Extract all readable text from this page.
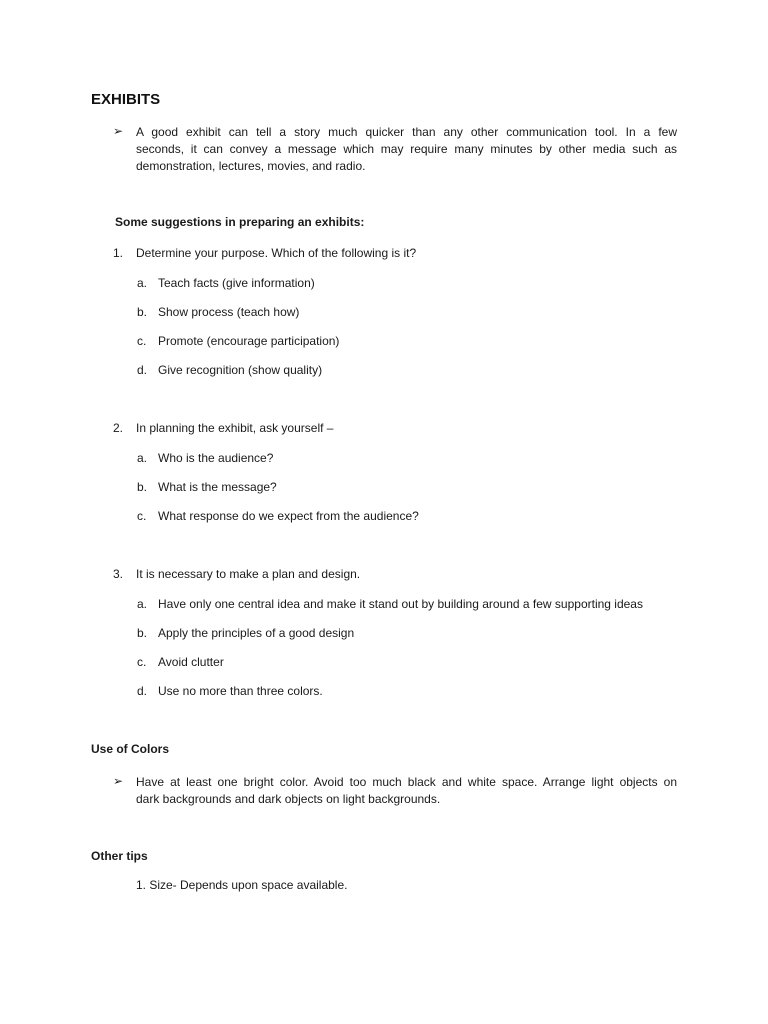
EXHIBITS
➢ A good exhibit can tell a story much quicker than any other communication tool. In a few
seconds, it can convey a message which may require many minutes by other media such as
demonstration, lectures, movies, and radio.
Some suggestions in preparing an exhibits:
1. Determine your purpose. Which of the following is it?
a. Teach facts (give information)
b. Show process (teach how)
c. Promote (encourage participation)
d. Give recognition (show quality)
2. In planning the exhibit, ask yourself –
a. Who is the audience?
b. What is the message?
c. What response do we expect from the audience?
3. It is necessary to make a plan and design.
a. Have only one central idea and make it stand out by building around a few supporting ideas
b. Apply the principles of a good design
c. Avoid clutter
d. Use no more than three colors.
Use of Colors
➢ Have at least one bright color. Avoid too much black and white space. Arrange light objects on
dark backgrounds and dark objects on light backgrounds.
Other tips
1. Size- Depends upon space available.
